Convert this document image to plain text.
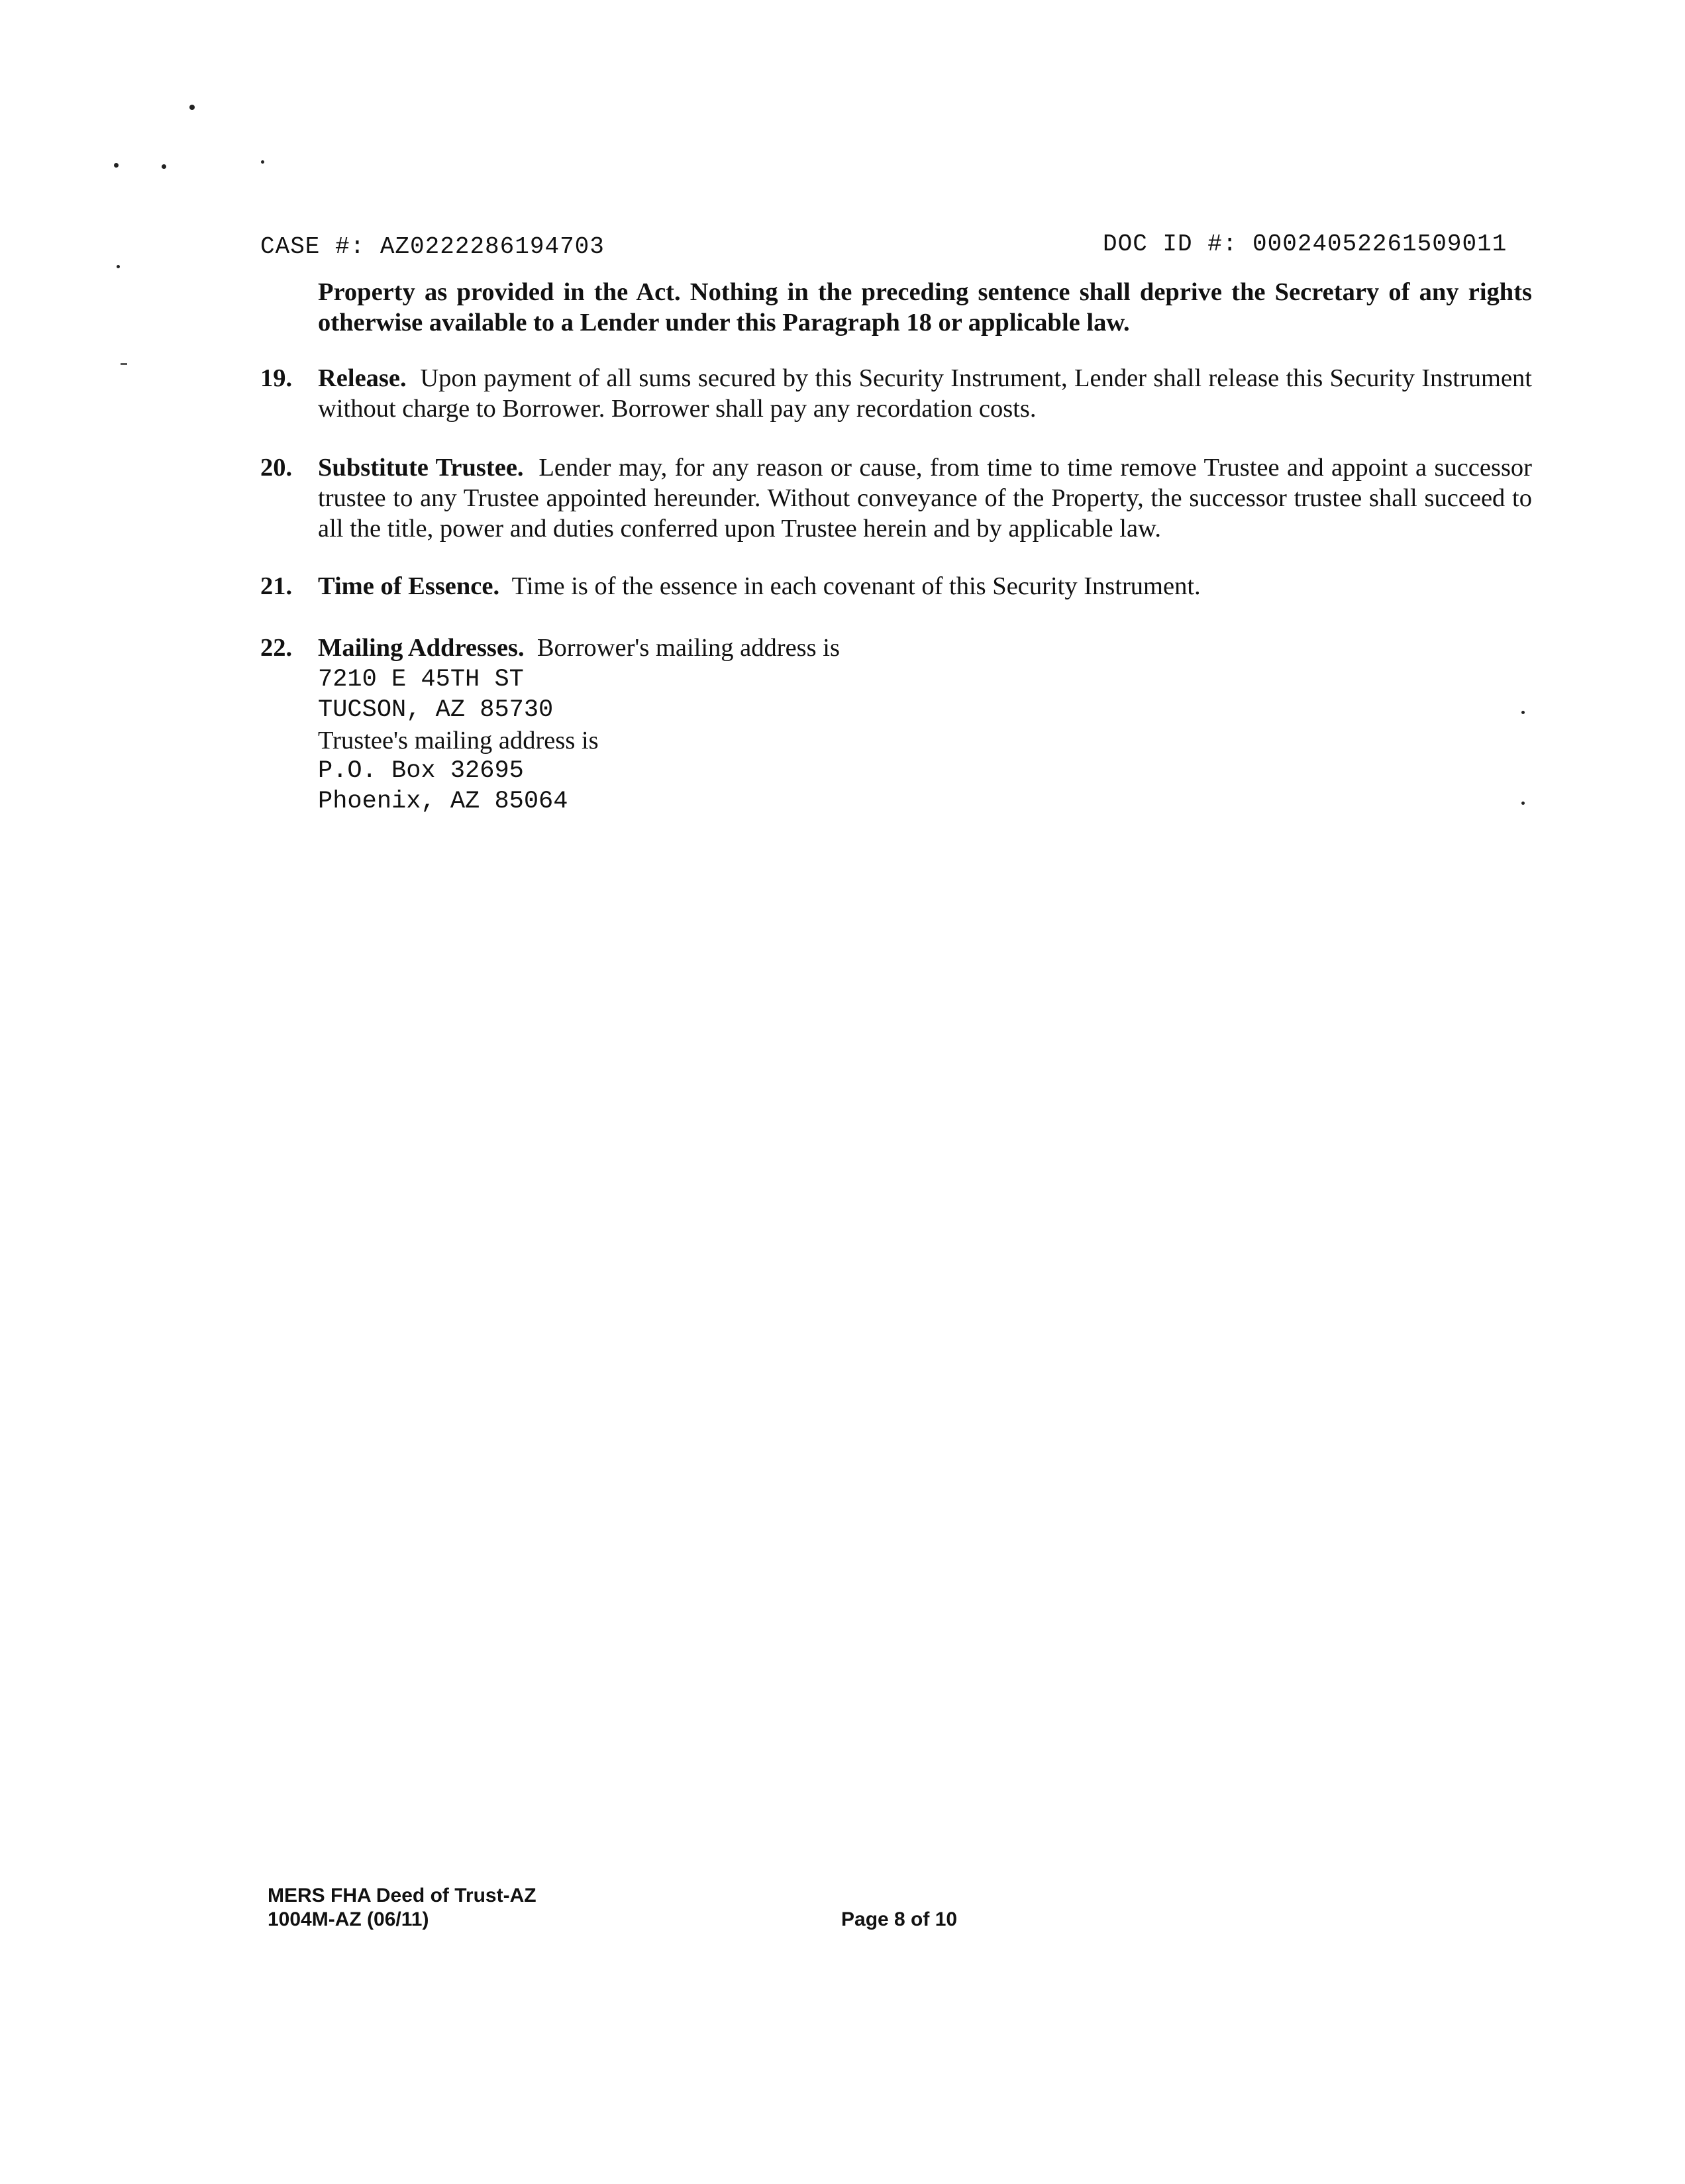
CASE #: AZ0222286194703	DOC ID #: 00024052261509011
Property as provided in the Act. Nothing in the preceding sentence shall deprive the Secretary of any rights otherwise available to a Lender under this Paragraph 18 or applicable law.
19.	Release. Upon payment of all sums secured by this Security Instrument, Lender shall release this Security Instrument without charge to Borrower. Borrower shall pay any recordation costs.
20.	Substitute Trustee. Lender may, for any reason or cause, from time to time remove Trustee and appoint a successor trustee to any Trustee appointed hereunder. Without conveyance of the Property, the successor trustee shall succeed to all the title, power and duties conferred upon Trustee herein and by applicable law.
21.	Time of Essence. Time is of the essence in each covenant of this Security Instrument.
22.	Mailing Addresses. Borrower's mailing address is
7210 E 45TH ST
TUCSON, AZ 85730
Trustee's mailing address is
P.O. Box 32695
Phoenix, AZ 85064
MERS FHA Deed of Trust-AZ
1004M-AZ (06/11)	Page 8 of 10
